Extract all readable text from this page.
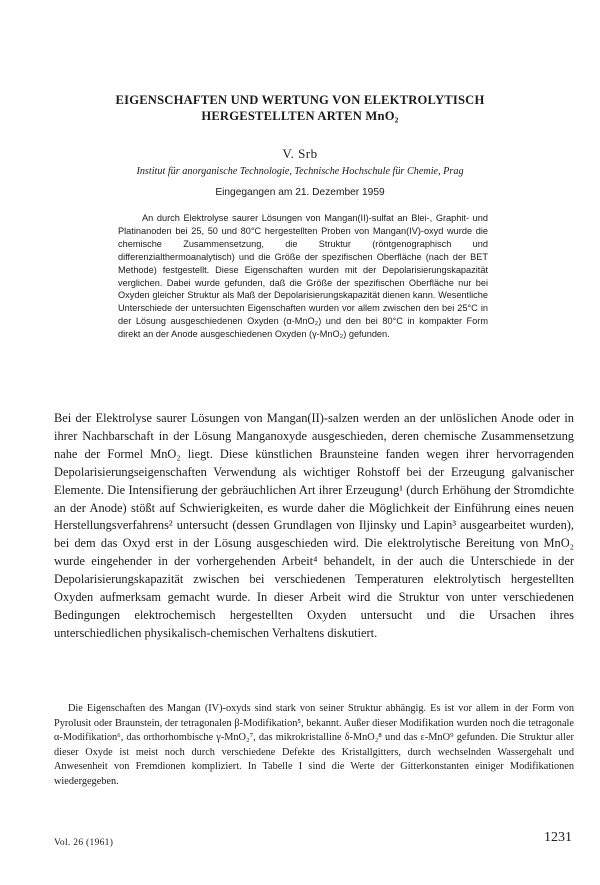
EIGENSCHAFTEN UND WERTUNG VON ELEKTROLYTISCH
HERGESTELLTEN ARTEN MnO₂
V. Srb
Institut für anorganische Technologie, Technische Hochschule für Chemie, Prag
Eingegangen am 21. Dezember 1959

An durch Elektrolyse saurer Lösungen von Mangan(II)-sulfat an Blei-, Graphit- und Platinanoden bei 25, 50 und 80°C hergestellten Proben von Mangan(IV)-oxyd wurde die chemische Zusammensetzung, die Struktur (röntgenographisch und differenzialthermoanalytisch) und die Größe der spezifischen Oberfläche (nach der BET Methode) festgestellt. Diese Eigenschaften wurden mit der Depolarisierungskapazität verglichen. Dabei wurde gefunden, daß die Größe der spezifischen Oberfläche nur bei Oxyden gleicher Struktur als Maß der Depolarisierungskapazität dienen kann. Wesentliche Unterschiede der untersuchten Eigenschaften wurden vor allem zwischen den bei 25°C in der Lösung ausgeschiedenen Oxyden (α-MnO₂) und den bei 80°C in kompakter Form direkt an der Anode ausgeschiedenen Oxyden (γ-MnO₂) gefunden.

Bei der Elektrolyse saurer Lösungen von Mangan(II)-salzen werden an der unlöslichen Anode oder in ihrer Nachbarschaft in der Lösung Manganoxyde ausgeschieden, deren chemische Zusammensetzung nahe der Formel MnO₂ liegt. Diese künstlichen Braunsteine fanden wegen ihrer hervorragenden Depolarisierungseigenschaften Verwendung als wichtiger Rohstoff bei der Erzeugung galvanischer Elemente. Die Intensifierung der gebräuchlichen Art ihrer Erzeugung¹ (durch Erhöhung der Stromdichte an der Anode) stößt auf Schwierigkeiten, es wurde daher die Möglichkeit der Einführung eines neuen Herstellungsverfahrens² untersucht (dessen Grundlagen von Iljinsky und Lapin³ ausgearbeitet wurden), bei dem das Oxyd erst in der Lösung ausgeschieden wird. Die elektrolytische Bereitung von MnO₂ wurde eingehender in der vorhergehenden Arbeit⁴ behandelt, in der auch die Unterschiede in der Depolarisierungskapazität zwischen bei verschiedenen Temperaturen elektrolytisch hergestellten Oxyden aufmerksam gemacht wurde. In dieser Arbeit wird die Struktur von unter verschiedenen Bedingungen elektrochemisch hergestellten Oxyden untersucht und die Ursachen ihres unterschiedlichen physikalisch-chemischen Verhaltens diskutiert.

Die Eigenschaften des Mangan (IV)-oxyds sind stark von seiner Struktur abhängig. Es ist vor allem in der Form von Pyrolusit oder Braunstein, der tetragonalen β-Modifikation⁵, bekannt. Außer dieser Modifikation wurden noch die tetragonale α-Modifikation⁶, das orthorhombische γ-MnO₂⁷, das mikrokristalline δ-MnO₂⁸ und das ε-MnO⁹ gefunden. Die Struktur aller dieser Oxyde ist meist noch durch verschiedene Defekte des Kristallgitters, durch wechselnden Wassergehalt und Anwesenheit von Fremdionen kompliziert. In Tabelle I sind die Werte der Gitterkonstanten einiger Modifikationen wiedergegeben.

Vol. 26 (1961)	1231
